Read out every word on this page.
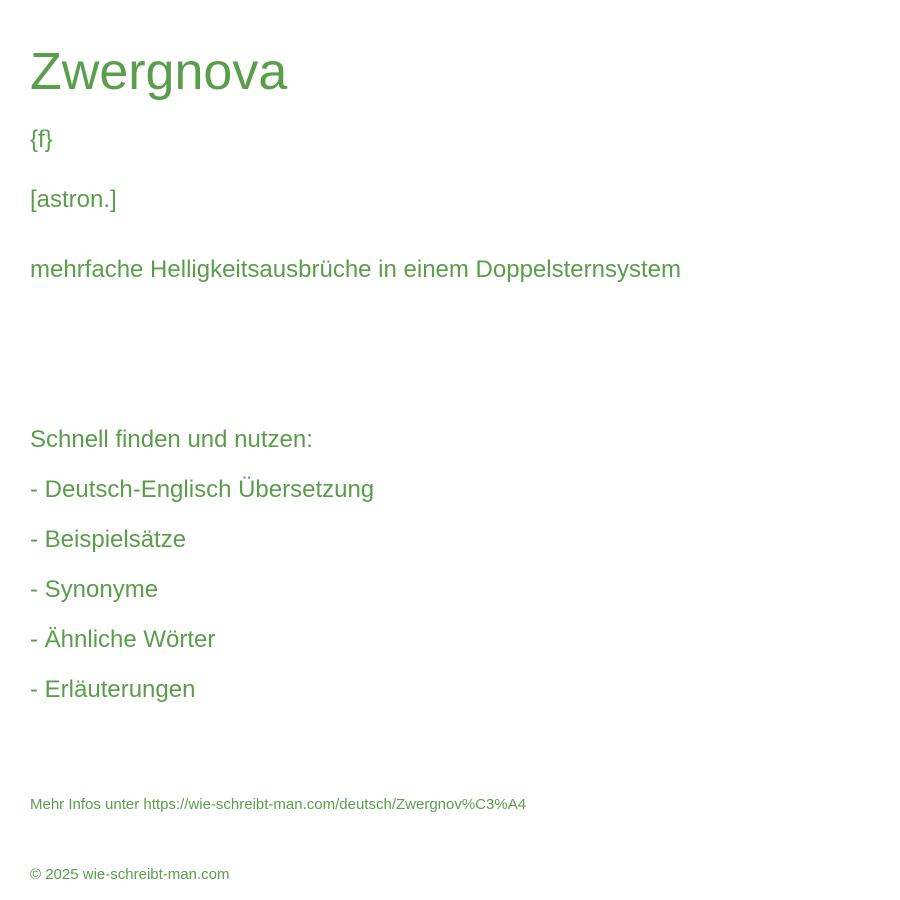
Zwergnova
{f}
[astron.]
mehrfache Helligkeitsausbrüche in einem Doppelsternsystem
Schnell finden und nutzen:
- Deutsch-Englisch Übersetzung
- Beispielsätze
- Synonyme
- Ähnliche Wörter
- Erläuterungen
Mehr Infos unter https://wie-schreibt-man.com/deutsch/Zwergnov%C3%A4
© 2025 wie-schreibt-man.com
